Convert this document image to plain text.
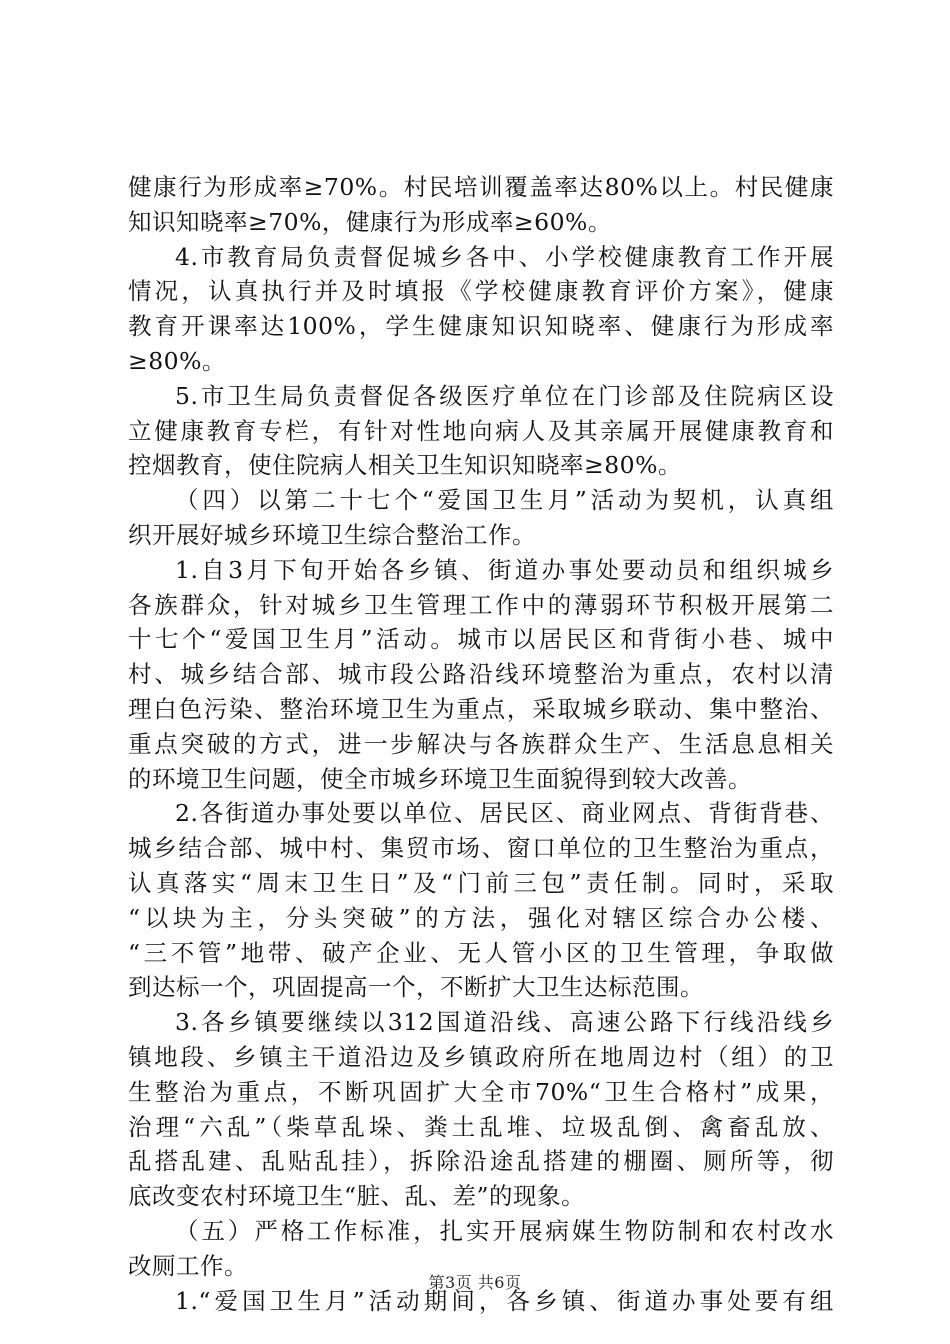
健康行为形成率≥70%。村民培训覆盖率达80%以上。村民健康
知识知晓率≥70%，健康行为形成率≥60%。
4.市教育局负责督促城乡各中、小学校健康教育工作开展
情况，认真执行并及时填报《学校健康教育评价方案》，健康
教育开课率达100%，学生健康知识知晓率、健康行为形成率
≥80%。
5.市卫生局负责督促各级医疗单位在门诊部及住院病区设
立健康教育专栏，有针对性地向病人及其亲属开展健康教育和
控烟教育，使住院病人相关卫生知识知晓率≥80%。
（四）以第二十七个“爱国卫生月”活动为契机，认真组
织开展好城乡环境卫生综合整治工作。
1.自3月下旬开始各乡镇、街道办事处要动员和组织城乡
各族群众，针对城乡卫生管理工作中的薄弱环节积极开展第二
十七个“爱国卫生月”活动。城市以居民区和背街小巷、城中
村、城乡结合部、城市段公路沿线环境整治为重点，农村以清
理白色污染、整治环境卫生为重点，采取城乡联动、集中整治、
重点突破的方式，进一步解决与各族群众生产、生活息息相关
的环境卫生问题，使全市城乡环境卫生面貌得到较大改善。
2.各街道办事处要以单位、居民区、商业网点、背街背巷、
城乡结合部、城中村、集贸市场、窗口单位的卫生整治为重点，
认真落实“周末卫生日”及“门前三包”责任制。同时，采取
“以块为主，分头突破”的方法，强化对辖区综合办公楼、
“三不管”地带、破产企业、无人管小区的卫生管理，争取做
到达标一个，巩固提高一个，不断扩大卫生达标范围。
3.各乡镇要继续以312国道沿线、高速公路下行线沿线乡
镇地段、乡镇主干道沿边及乡镇政府所在地周边村（组）的卫
生整治为重点，不断巩固扩大全市70%“卫生合格村”成果，
治理“六乱”（柴草乱垛、粪土乱堆、垃圾乱倒、禽畜乱放、
乱搭乱建、乱贴乱挂），拆除沿途乱搭建的棚圈、厕所等，彻
底改变农村环境卫生“脏、乱、差”的现象。
（五）严格工作标准，扎实开展病媒生物防制和农村改水
改厕工作。
1.“爱国卫生月”活动期间，各乡镇、街道办事处要有组
第3页 共6页
